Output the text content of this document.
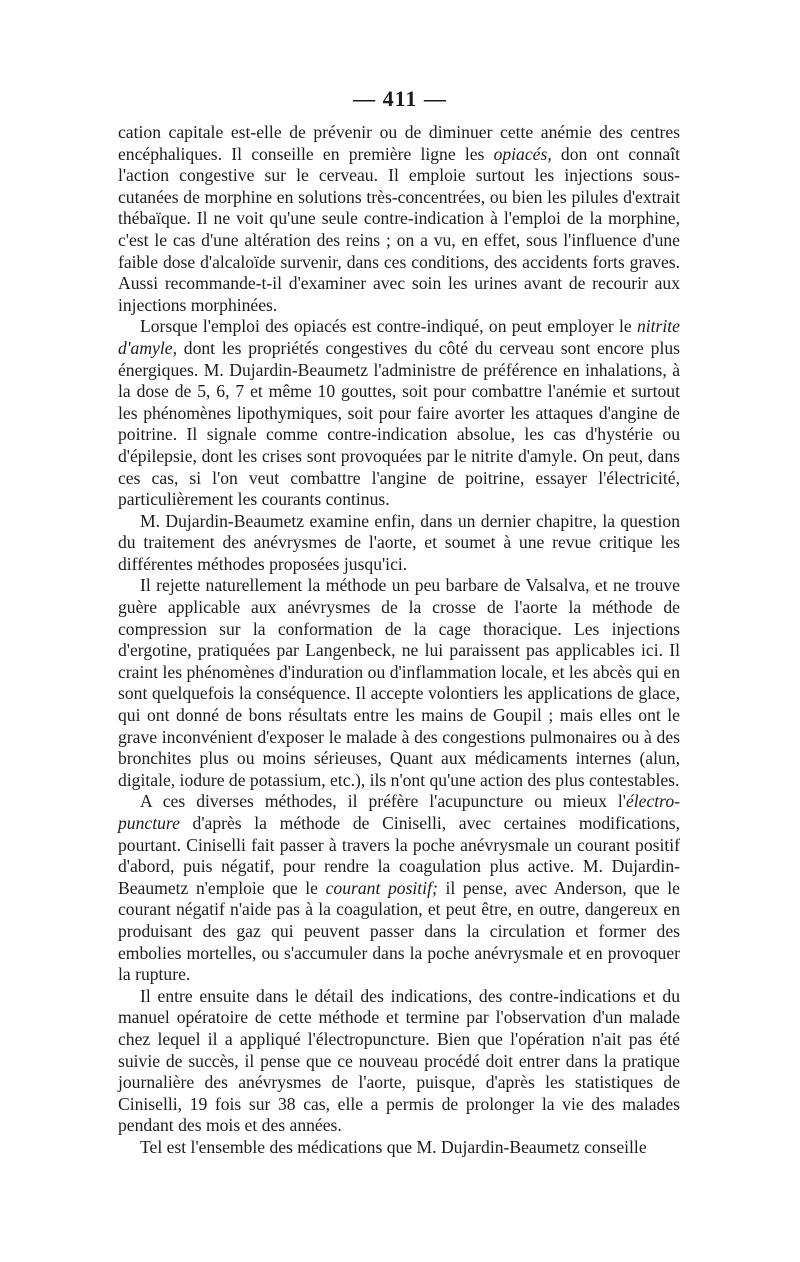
— 411 —

cation capitale est-elle de prévenir ou de diminuer cette anémie des centres encéphaliques. Il conseille en première ligne les opiacés, don ont connaît l'action congestive sur le cerveau. Il emploie surtout les injections sous-cutanées de morphine en solutions très-concentrées, ou bien les pilules d'extrait thébaïque. Il ne voit qu'une seule contre-indication à l'emploi de la morphine, c'est le cas d'une altération des reins ; on a vu, en effet, sous l'influence d'une faible dose d'alcaloïde survenir, dans ces conditions, des accidents forts graves. Aussi recommande-t-il d'examiner avec soin les urines avant de recourir aux injections morphinées.

Lorsque l'emploi des opiacés est contre-indiqué, on peut employer le nitrite d'amyle, dont les propriétés congestives du côté du cerveau sont encore plus énergiques. M. Dujardin-Beaumetz l'administre de préférence en inhalations, à la dose de 5, 6, 7 et même 10 gouttes, soit pour combattre l'anémie et surtout les phénomènes lipothymiques, soit pour faire avorter les attaques d'angine de poitrine. Il signale comme contre-indication absolue, les cas d'hystérie ou d'épilepsie, dont les crises sont provoquées par le nitrite d'amyle. On peut, dans ces cas, si l'on veut combattre l'angine de poitrine, essayer l'électricité, particulièrement les courants continus.

M. Dujardin-Beaumetz examine enfin, dans un dernier chapitre, la question du traitement des anévrysmes de l'aorte, et soumet à une revue critique les différentes méthodes proposées jusqu'ici.

Il rejette naturellement la méthode un peu barbare de Valsalva, et ne trouve guère applicable aux anévrysmes de la crosse de l'aorte la méthode de compression sur la conformation de la cage thoracique. Les injections d'ergotine, pratiquées par Langenbeck, ne lui paraissent pas applicables ici. Il craint les phénomènes d'induration ou d'inflammation locale, et les abcès qui en sont quelquefois la conséquence. Il accepte volontiers les applications de glace, qui ont donné de bons résultats entre les mains de Goupil ; mais elles ont le grave inconvénient d'exposer le malade à des congestions pulmonaires ou à des bronchites plus ou moins sérieuses, Quant aux médicaments internes (alun, digitale, iodure de potassium, etc.), ils n'ont qu'une action des plus contestables.

A ces diverses méthodes, il préfère l'acupuncture ou mieux l'électro-puncture d'après la méthode de Ciniselli, avec certaines modifications, pourtant. Ciniselli fait passer à travers la poche anévrysmale un courant positif d'abord, puis négatif, pour rendre la coagulation plus active. M. Dujardin-Beaumetz n'emploie que le courant positif; il pense, avec Anderson, que le courant négatif n'aide pas à la coagulation, et peut être, en outre, dangereux en produisant des gaz qui peuvent passer dans la circulation et former des embolies mortelles, ou s'accumuler dans la poche anévrysmale et en provoquer la rupture.

Il entre ensuite dans le détail des indications, des contre-indications et du manuel opératoire de cette méthode et termine par l'observation d'un malade chez lequel il a appliqué l'électropuncture. Bien que l'opération n'ait pas été suivie de succès, il pense que ce nouveau procédé doit entrer dans la pratique journalière des anévrysmes de l'aorte, puisque, d'après les statistiques de Ciniselli, 19 fois sur 38 cas, elle a permis de prolonger la vie des malades pendant des mois et des années.

Tel est l'ensemble des médications que M. Dujardin-Beaumetz conseille
